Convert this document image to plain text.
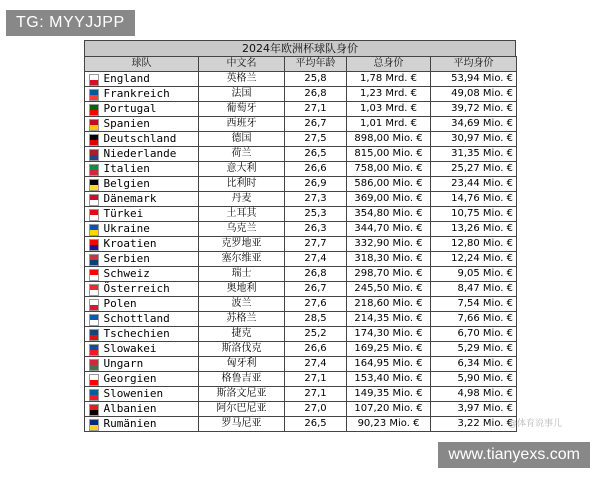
TG: MYYJJPP
2024年欧洲杯球队身价
球队		中文名	平均年龄	总身价	平均身价

	England	英格兰	25,8	1,78 Mrd. €	53,94 Mio. €

	Frankreich	法国	26,8	1,23 Mrd. €	49,08 Mio. €

	Portugal	葡萄牙	27,1	1,03 Mrd. €	39,72 Mio. €

	Spanien	西班牙	26,7	1,01 Mrd. €	34,69 Mio. €

	Deutschland	德国	27,5	898,00 Mio. €	30,97 Mio. €

	Niederlande	荷兰	26,5	815,00 Mio. €	31,35 Mio. €

	Italien	意大利	26,6	758,00 Mio. €	25,27 Mio. €

	Belgien	比利时	26,9	586,00 Mio. €	23,44 Mio. €

	Dänemark	丹麦	27,3	369,00 Mio. €	14,76 Mio. €

	Türkei	土耳其	25,3	354,80 Mio. €	10,75 Mio. €

	Ukraine	乌克兰	26,3	344,70 Mio. €	13,26 Mio. €

	Kroatien	克罗地亚	27,7	332,90 Mio. €	12,80 Mio. €

	Serbien	塞尔维亚	27,4	318,30 Mio. €	12,24 Mio. €

	Schweiz	瑞士	26,8	298,70 Mio. €	9,05 Mio. €

	Österreich	奥地利	26,7	245,50 Mio. €	8,47 Mio. €

	Polen	波兰	27,6	218,60 Mio. €	7,54 Mio. €

	Schottland	苏格兰	28,5	214,35 Mio. €	7,66 Mio. €

	Tschechien	捷克	25,2	174,30 Mio. €	6,70 Mio. €

	Slowakei	斯洛伐克	26,6	169,25 Mio. €	5,29 Mio. €

	Ungarn	匈牙利	27,4	164,95 Mio. €	6,34 Mio. €

	Georgien	格鲁吉亚	27,1	153,40 Mio. €	5,90 Mio. €

	Slowenien	斯洛文尼亚	27,1	149,35 Mio. €	4,98 Mio. €

	Albanien	阿尔巴尼亚	27,0	107,20 Mio. €	3,97 Mio. €

	Rumänien	罗马尼亚	26,5	90,23 Mio. €	3,22 Mio. €
@体育说事儿
www.tianyexs.com
